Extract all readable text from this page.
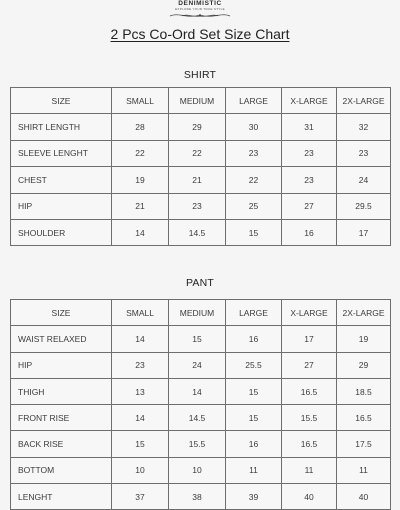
DENIMISTIC
EXPLORE YOUR TRUE STYLE
2 Pcs Co-Ord Set Size Chart
SHIRT
SIZE	SMALL	MEDIUM	LARGE	X-LARGE	2X-LARGE
SHIRT LENGTH	28	29	30	31	32
SLEEVE LENGHT	22	22	23	23	23
CHEST	19	21	22	23	24
HIP	21	23	25	27	29.5
SHOULDER	14	14.5	15	16	17
PANT
SIZE	SMALL	MEDIUM	LARGE	X-LARGE	2X-LARGE
WAIST RELAXED	14	15	16	17	19
HIP	23	24	25.5	27	29
THIGH	13	14	15	16.5	18.5
FRONT RISE	14	14.5	15	15.5	16.5
BACK RISE	15	15.5	16	16.5	17.5
BOTTOM	10	10	11	11	11
LENGHT	37	38	39	40	40
